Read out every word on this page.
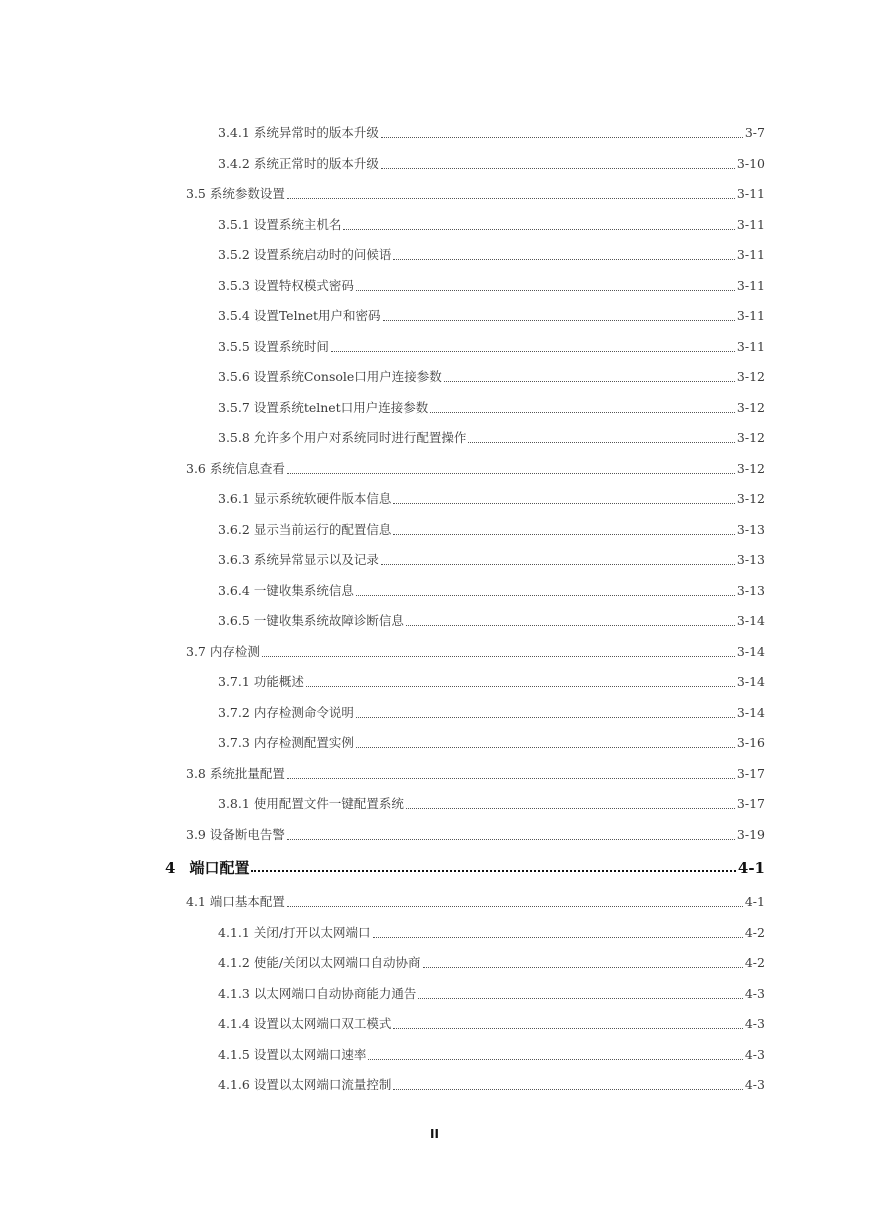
3.4.1 系统异常时的版本升级	3-7
3.4.2 系统正常时的版本升级	3-10
3.5 系统参数设置	3-11
3.5.1 设置系统主机名	3-11
3.5.2 设置系统启动时的问候语	3-11
3.5.3 设置特权模式密码	3-11
3.5.4 设置Telnet用户和密码	3-11
3.5.5 设置系统时间	3-11
3.5.6 设置系统Console口用户连接参数	3-12
3.5.7 设置系统telnet口用户连接参数	3-12
3.5.8 允许多个用户对系统同时进行配置操作	3-12
3.6 系统信息查看	3-12
3.6.1 显示系统软硬件版本信息	3-12
3.6.2 显示当前运行的配置信息	3-13
3.6.3 系统异常显示以及记录	3-13
3.6.4 一键收集系统信息	3-13
3.6.5 一键收集系统故障诊断信息	3-14
3.7 内存检测	3-14
3.7.1 功能概述	3-14
3.7.2 内存检测命令说明	3-14
3.7.3 内存检测配置实例	3-16
3.8 系统批量配置	3-17
3.8.1 使用配置文件一键配置系统	3-17
3.9 设备断电告警	3-19
4 端口配置	4-1
4.1 端口基本配置	4-1
4.1.1 关闭/打开以太网端口	4-2
4.1.2 使能/关闭以太网端口自动协商	4-2
4.1.3 以太网端口自动协商能力通告	4-3
4.1.4 设置以太网端口双工模式	4-3
4.1.5 设置以太网端口速率	4-3
4.1.6 设置以太网端口流量控制	4-3
II
